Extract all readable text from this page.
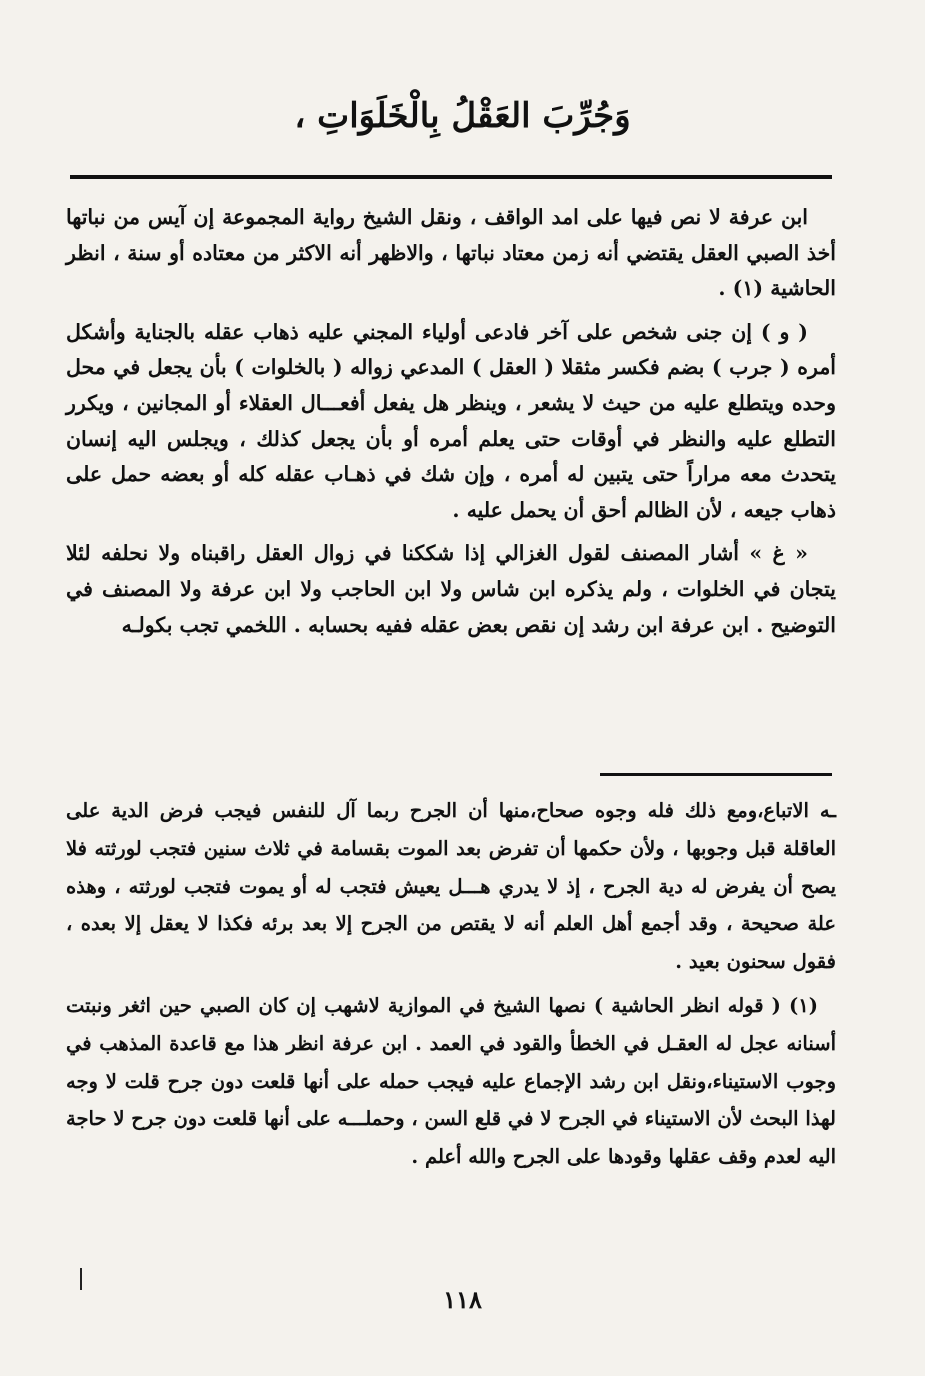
وَجُرِّبَ العَقْلُ بِالْخَلَوَاتِ ،

ابن عرفة لا نص فيها على امد الواقف ، ونقل الشيخ رواية المجموعة إن آيس من نباتها أخذ الصبي العقل يقتضي أنه زمن معتاد نباتها ، والاظهر أنه الاكثر من معتاده أو سنة ، انظر الحاشية (١) .

( و ) إن جنى شخص على آخر فادعى أولياء المجني عليه ذهاب عقله بالجناية وأشكل أمره ( جرب ) بضم فكسر مثقلا ( العقل ) المدعي زواله ( بالخلوات ) بأن يجعل في محل وحده ويتطلع عليه من حيث لا يشعر ، وينظر هل يفعل أفعـــال العقلاء أو المجانين ، ويكرر التطلع عليه والنظر في أوقات حتى يعلم أمره أو بأن يجعل كذلك ، ويجلس اليه إنسان يتحدث معه مراراً حتى يتبين له أمره ، وإن شك في ذهـاب عقله كله أو بعضه حمل على ذهاب جيعه ، لأن الظالم أحق أن يحمل عليه .

« غ » أشار المصنف لقول الغزالي إذا شككنا في زوال العقل راقبناه ولا نحلفه لئلا يتجان في الخلوات ، ولم يذكره ابن شاس ولا ابن الحاجب ولا ابن عرفة ولا المصنف في التوضيح . ابن عرفة ابن رشد إن نقص بعض عقله ففيه بحسابه . اللخمي تجب بكولـه

ـه الاتباع،ومع ذلك فله وجوه صحاح،منها أن الجرح ربما آل للنفس فيجب فرض الدية على العاقلة قبل وجوبها ، ولأن حكمها أن تفرض بعد الموت بقسامة في ثلاث سنين فتجب لورثته فلا يصح أن يفرض له دية الجرح ، إذ لا يدري هـــل يعيش فتجب له أو يموت فتجب لورثته ، وهذه علة صحيحة ، وقد أجمع أهل العلم أنه لا يقتص من الجرح إلا بعد برئه فكذا لا يعقل إلا بعده ، فقول سحنون بعيد .

(١) ( قوله انظر الحاشية ) نصها الشيخ في الموازية لاشهب إن كان الصبي حين اثغر ونبتت أسنانه عجل له العقـل في الخطأ والقود في العمد . ابن عرفة انظر هذا مع قاعدة المذهب في وجوب الاستيناء،ونقل ابن رشد الإجماع عليه فيجب حمله على أنها قلعت دون جرح قلت لا وجه لهذا البحث لأن الاستيناء في الجرح لا في قلع السن ، وحملـــه على أنها قلعت دون جرح لا حاجة اليه لعدم وقف عقلها وقودها على الجرح والله أعلم .

١١٨
